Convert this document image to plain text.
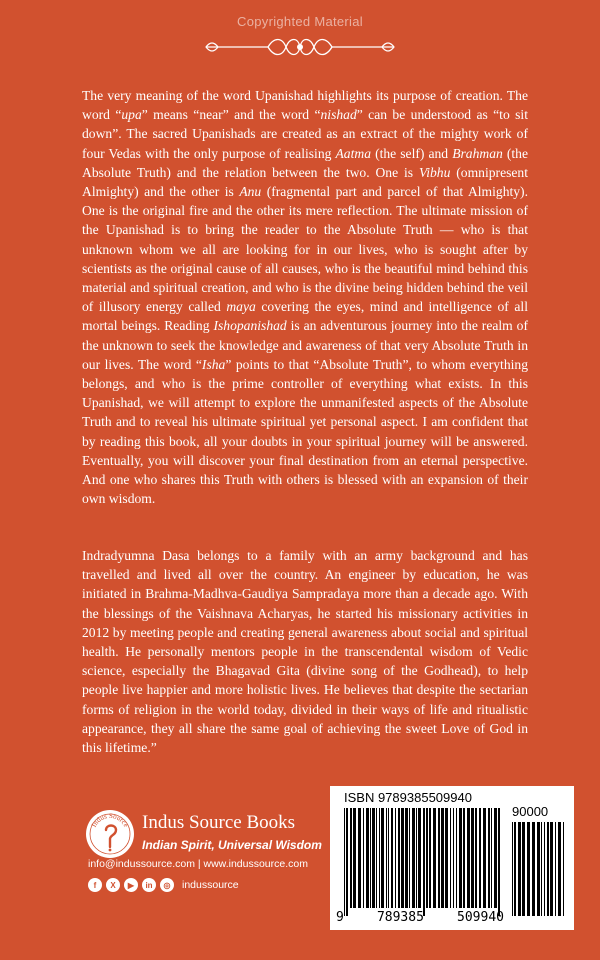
Copyrighted Material

The very meaning of the word Upanishad highlights its purpose of creation. The word “upa” means “near” and the word “nishad” can be understood as “to sit down”. The sacred Upanishads are created as an extract of the mighty work of four Vedas with the only purpose of realising Aatma (the self) and Brahman (the Absolute Truth) and the relation between the two. One is Vibhu (omnipresent Almighty) and the other is Anu (fragmental part and parcel of that Almighty). One is the original fire and the other its mere reflection. The ultimate mission of the Upanishad is to bring the reader to the Absolute Truth — who is that unknown whom we all are looking for in our lives, who is sought after by scientists as the original cause of all causes, who is the beautiful mind behind this material and spiritual creation, and who is the divine being hidden behind the veil of illusory energy called maya covering the eyes, mind and intelligence of all mortal beings. Reading Ishopanishad is an adventurous journey into the realm of the unknown to seek the knowledge and awareness of that very Absolute Truth in our lives. The word “Isha” points to that “Absolute Truth”, to whom everything belongs, and who is the prime controller of everything what exists. In this Upanishad, we will attempt to explore the unmanifested aspects of the Absolute Truth and to reveal his ultimate spiritual yet personal aspect. I am confident that by reading this book, all your doubts in your spiritual journey will be answered. Eventually, you will discover your final destination from an eternal perspective. And one who shares this Truth with others is blessed with an expansion of their own wisdom.

Indradyumna Dasa belongs to a family with an army background and has travelled and lived all over the country. An engineer by education, he was initiated in Brahma-Madhva-Gaudiya Sampradaya more than a decade ago. With the blessings of the Vaishnava Acharyas, he started his missionary activities in 2012 by meeting people and creating general awareness about social and spiritual health. He personally mentors people in the transcendental wisdom of Vedic science, especially the Bhagavad Gita (divine song of the Godhead), to help people live happier and more holistic lives. He believes that despite the sectarian forms of religion in the world today, divided in their ways of life and ritualistic appearance, they all share the same goal of achieving the sweet Love of God in this lifetime.”

Indus Source Indus Source Books
Indian Spirit, Universal Wisdom
info@indussource.com | www.indussource.com
f	X	▶	in	◎	indussource
ISBN 9789385509940
9	789385	509940
90000
